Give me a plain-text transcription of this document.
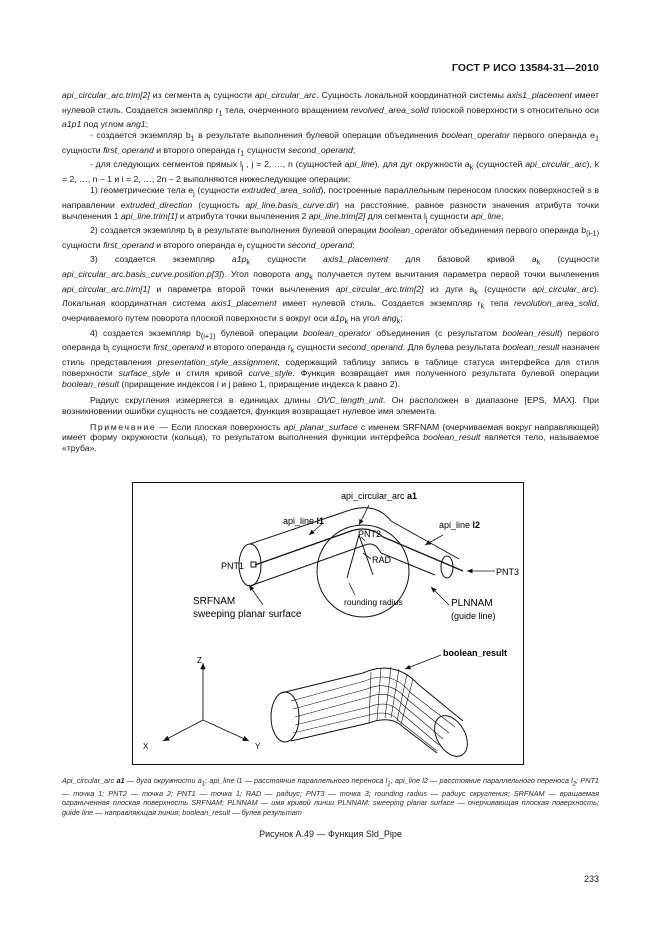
ГОСТ Р ИСО 13584-31—2010

api_circular_arc.trim[2] из сегмента $a_i$ сущности api_circular_arc. Сущность локальной координатной системы axis1_placement имеет нулевой стиль. Создается экземпляр $r_1$ тела, очерченного вращением revolved_area_solid плоской поверхности s относительно оси a1p1 под углом ang1;

- создается экземпляр $b_1$ в результате выполнения булевой операции объединения boolean_operator первого операнда $e_1$ сущности first_operand и второго операнда $r_1$ сущности second_operand;

- для следующих сегментов прямых $l_j$ , j = 2, …, n (сущностей api_line), для дуг окружности $a_k$ (сущностей api_circular_arc), k = 2, …, n – 1 и i = 2, …, 2n – 2 выполняются нижеследующие операции:

1) геометрические тела $e_j$ (сущности extruded_area_solid), построенные параллельным переносом плоских поверхностей s в направлении extruded_direction (сущность api_line.basis_curve.dir) на расстояние, равное разности значения атрибута точки вычленения 1 api_line.trim[1] и атрибута точки вычленения 2 api_line.trim[2] для сегмента $l_j$ сущности api_line;

2) создается экземпляр $b_i$ в результате выполнения булевой операции boolean_operator объединения первого операнда $b_{(i-1)}$ сущности first_operand и второго операнда $e_j$ сущности second_operand;

3) создается экземпляр $a1p_k$ сущности axis1_placement для базовой кривой $a_k$ (сущности api_circular_arc.basis_curve.position.p[3]). Угол поворота ang$_k$ получается путем вычитания параметра первой точки вычленения api_circular_arc.trim[1] и параметра второй точки вычленения api_circular_arc.trim[2] из дуги $a_k$ (сущности api_circular_arc). Локальная координатная система axis1_placement имеет нулевой стиль. Создается экземпляр $r_k$ тела revolution_area_solid, очерчиваемого путем поворота плоской поверхности s вокруг оси $a1p_k$ на угол ang$_k$;

4) создается экземпляр $b_{(i+1)}$ булевой операции boolean_operator объединения (с результатом boolean_result) первого операнда $b_i$ сущности first_operand и второго операнда $r_k$ сущности second_operand. Для булева результата boolean_result назначен стиль представления presentation_style_assignment, содержащий таблицу запись в таблице статуса интерфейса для стиля поверхности surface_style и стиля кривой curve_style. Функция возвращает имя полученного результата булевой операции boolean_result (приращение индексов i и j равно 1, приращение индекса k равно 2).

Радиус скругления измеряется в единицах длины OVC_length_unit. Он расположен в диапазоне [EPS, MAX]. При возникновении ошибки сущность не создается, функция возвращает нулевое имя элемента.

Примечание — Если плоская поверхность api_planar_surface с именем SRFNAM (очерчиваемая вокруг направляющей) имеет форму окружности (кольца), то результатом выполнения функции интерфейса boolean_result является тело, называемое «труба».

api_circular_arc a1
api_line l1	api_line l2
PNT1
PNT2
PNT3
RAD
rounding radius
SRFNAM
sweeping planar surface
PLNNAM
(guide line)
Z
X	Y
boolean_result
Api_circular_arc a1 — дуга окружности $a_1$; api_line l1 — расстояние параллельного переноса $l_1$; api_line l2 — расстояние параллельного переноса $l_2$; PNT1 — точка 1; PNT2 — точка 2; PNT1 — точка 1; RAD — радиус; PNT3 — точка 3; rounding radius — радиус скругления; SRFNAM — вращаемая ограниченная плоская поверхность SRFNAM; PLNNAM — имя кривой линии PLNNAM: sweeping planar surface — очерчивающая плоская поверхность; guide line — направляющая линия; boolean_result — булев результат
Рисунок A.49 — Функция Sld_Pipe
233
